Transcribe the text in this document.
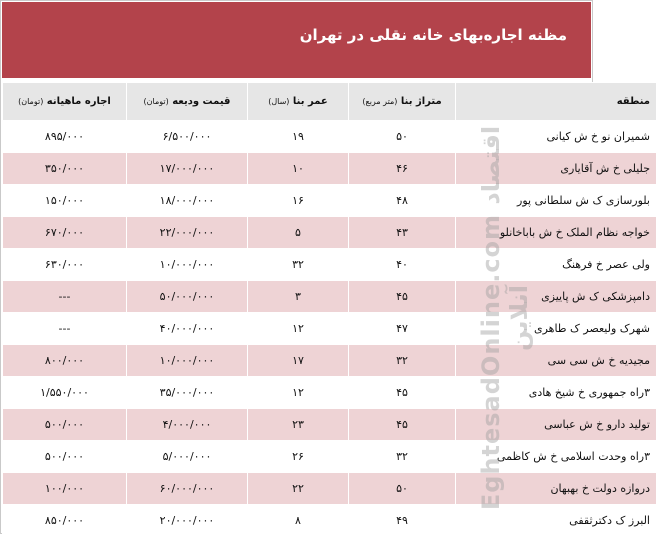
مظنه اجاره‌بهای خانه نقلی در تهران
منطقه	متراژ بنا (متر مربع)	عمر بنا (سال)	قیمت ودیعه (تومان)	اجاره ماهیانه (تومان)
شمیران نو خ ش کیانی	۵۰	۱۹	۶/۵۰۰/۰۰۰	۸۹۵/۰۰۰
جلیلی خ ش آقایاری	۴۶	۱۰	۱۷/۰۰۰/۰۰۰	۳۵۰/۰۰۰
بلورسازی ک ش سلطانی پور	۴۸	۱۶	۱۸/۰۰۰/۰۰۰	۱۵۰/۰۰۰
خواجه نظام الملک خ ش باباخانلو	۴۳	۵	۲۲/۰۰۰/۰۰۰	۶۷۰/۰۰۰
ولی عصر خ فرهنگ	۴۰	۳۲	۱۰/۰۰۰/۰۰۰	۶۳۰/۰۰۰
دامپزشکی ک ش پاییزی	۴۵	۳	۵۰/۰۰۰/۰۰۰	---
شهرک ولیعصر ک طاهری	۴۷	۱۲	۴۰/۰۰۰/۰۰۰	---
مجیدیه خ ش سی سی	۳۲	۱۷	۱۰/۰۰۰/۰۰۰	۸۰۰/۰۰۰
۳راه جمهوری خ شیخ هادی	۴۵	۱۲	۳۵/۰۰۰/۰۰۰	۱/۵۵۰/۰۰۰
تولید دارو خ ش عباسی	۴۵	۲۳	۴/۰۰۰/۰۰۰	۵۰۰/۰۰۰
۳راه وحدت اسلامی خ ش کاظمی	۳۲	۲۶	۵/۰۰۰/۰۰۰	۵۰۰/۰۰۰
دروازه دولت خ بهبهان	۵۰	۲۲	۶۰/۰۰۰/۰۰۰	۱۰۰/۰۰۰
البرز ک دکترثقفی	۴۹	۸	۲۰/۰۰۰/۰۰۰	۸۵۰/۰۰۰
EghtesadOnline.com اقتصاد آنلاین
